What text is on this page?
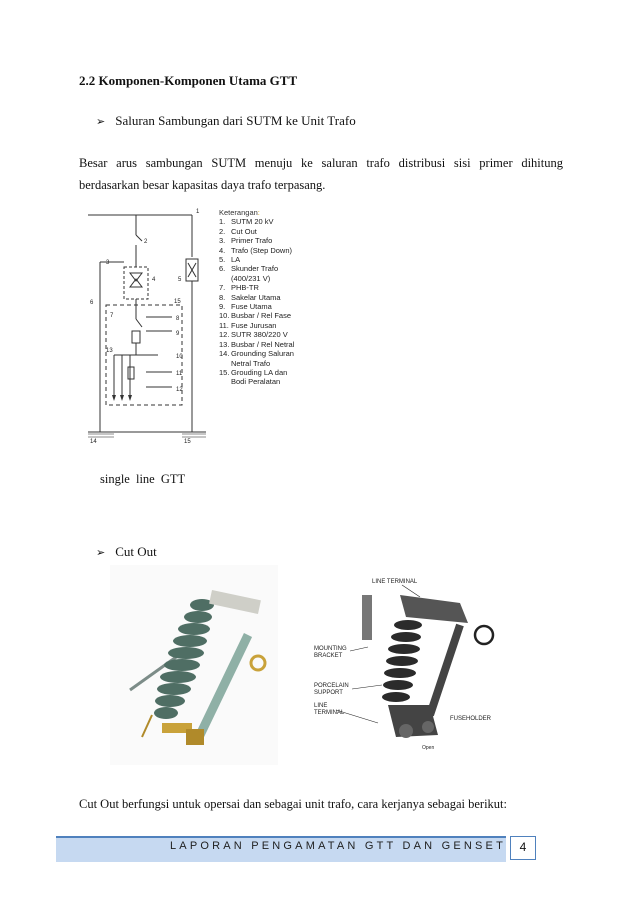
2.2 Komponen-Komponen Utama GTT
➢ Saluran Sambungan dari SUTM ke Unit Trafo
Besar arus sambungan SUTM menuju ke saluran trafo distribusi sisi primer dihitung berdasarkan besar kapasitas daya trafo terpasang.
1
2
3
4	5
6
7	8
9
10
11
12
13
14	15
15
Keterangan:
1. SUTM 20 kV
2. Cut Out
3. Primer Trafo
4. Trafo (Step Down)
5. LA
6. Skunder Trafo
(400/231 V)
7. PHB-TR
8. Sakelar Utama
9. Fuse Utama
10. Busbar / Rel Fase
11. Fuse Jurusan
12. SUTR 380/220 V
13. Busbar / Rel Netral
14. Grounding Saluran
Netral Trafo
15. Grouding LA dan
Bodi Peralatan
single line GTT
➢ Cut Out
LINE TERMINAL
MOUNTING
BRACKET
PORCELAIN
SUPPORT
LINE
TERMINAL
FUSEHOLDER
Open
Cut Out berfungsi untuk opersai dan sebagai unit trafo, cara kerjanya sebagai berikut:
LAPORAN PENGAMATAN GTT DAN GENSET	4
